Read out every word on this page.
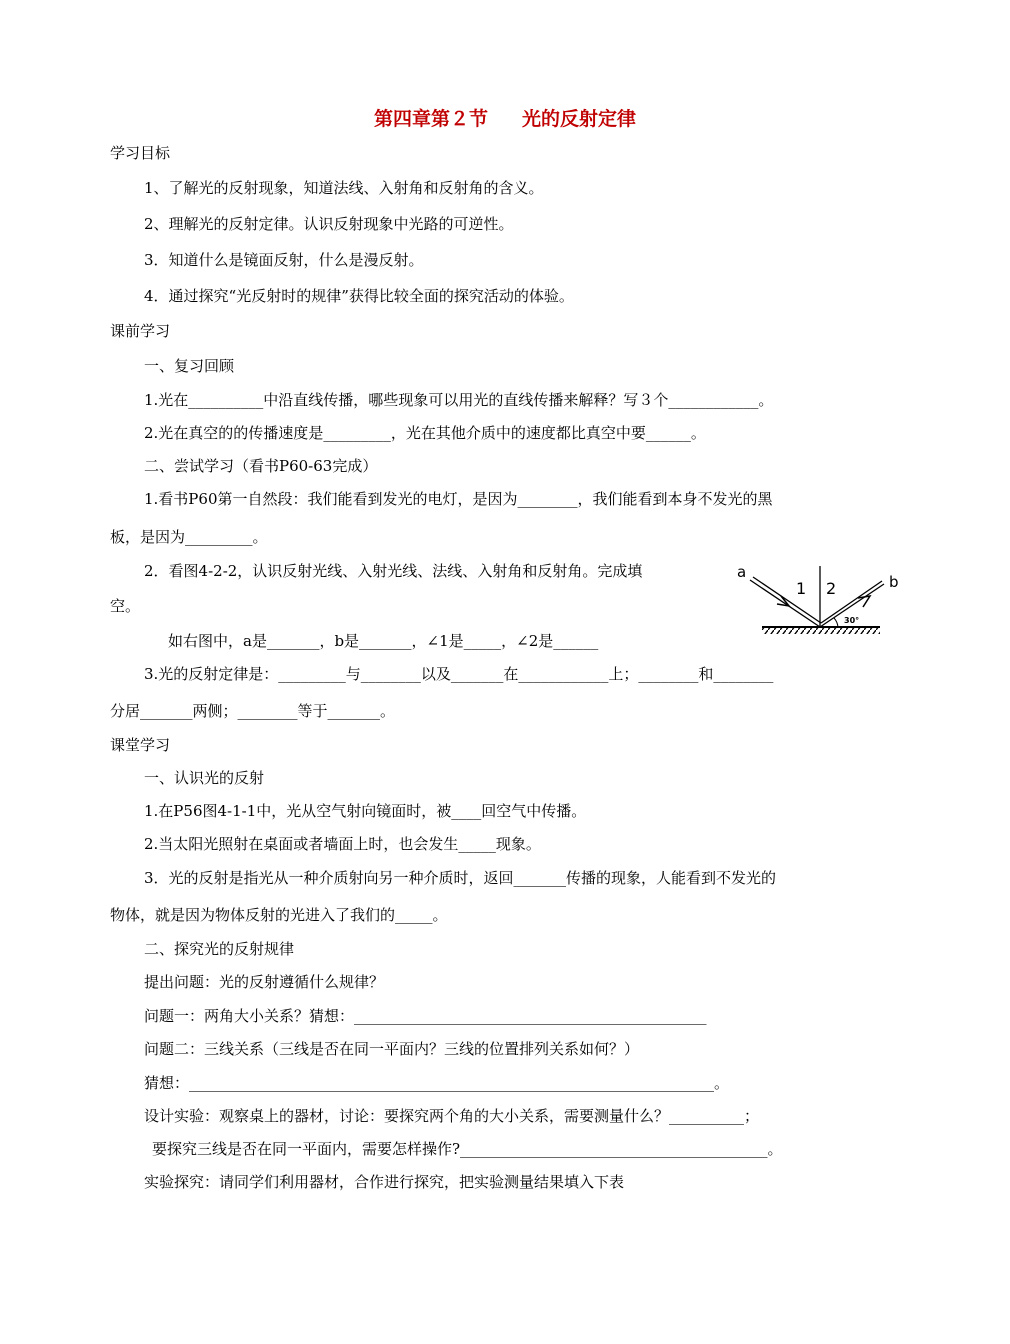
第四章第２节 光的反射定律
学习目标
1、了解光的反射现象，知道法线、入射角和反射角的含义。
2、理解光的反射定律。认识反射现象中光路的可逆性。
3．知道什么是镜面反射，什么是漫反射。
4．通过探究“光反射时的规律”获得比较全面的探究活动的体验。
课前学习
一、复习回顾
1.光在__________中沿直线传播，哪些现象可以用光的直线传播来解释？写３个____________。
2.光在真空的的传播速度是_________，光在其他介质中的速度都比真空中要______。
二、尝试学习（看书P60-63完成）
1.看书P60第一自然段：我们能看到发光的电灯，是因为________，我们能看到本身不发光的黑
板，是因为_________。
2．看图4-2-2，认识反射光线、入射光线、法线、入射角和反射角。完成填
空。
如右图中，a是_______，b是_______，∠1是_____，∠2是______
3.光的反射定律是：_________与________以及_______在____________上；________和________
分居_______两侧；________等于_______。
a
b
1 2
30°
课堂学习
一、认识光的反射
1.在P56图4-1-1中，光从空气射向镜面时，被____回空气中传播。
2.当太阳光照射在桌面或者墙面上时，也会发生_____现象。
3．光的反射是指光从一种介质射向另一种介质时，返回_______传播的现象，人能看到不发光的
物体，就是因为物体反射的光进入了我们的_____。
二、探究光的反射规律
提出问题：光的反射遵循什么规律？
问题一：两角大小关系？猜想：_______________________________________________
问题二：三线关系（三线是否在同一平面内？三线的位置排列关系如何？）
猜想：______________________________________________________________________。
设计实验：观察桌上的器材，讨论：要探究两个角的大小关系，需要测量什么？__________；
要探究三线是否在同一平面内，需要怎样操作?_________________________________________。
实验探究：请同学们利用器材，合作进行探究，把实验测量结果填入下表
